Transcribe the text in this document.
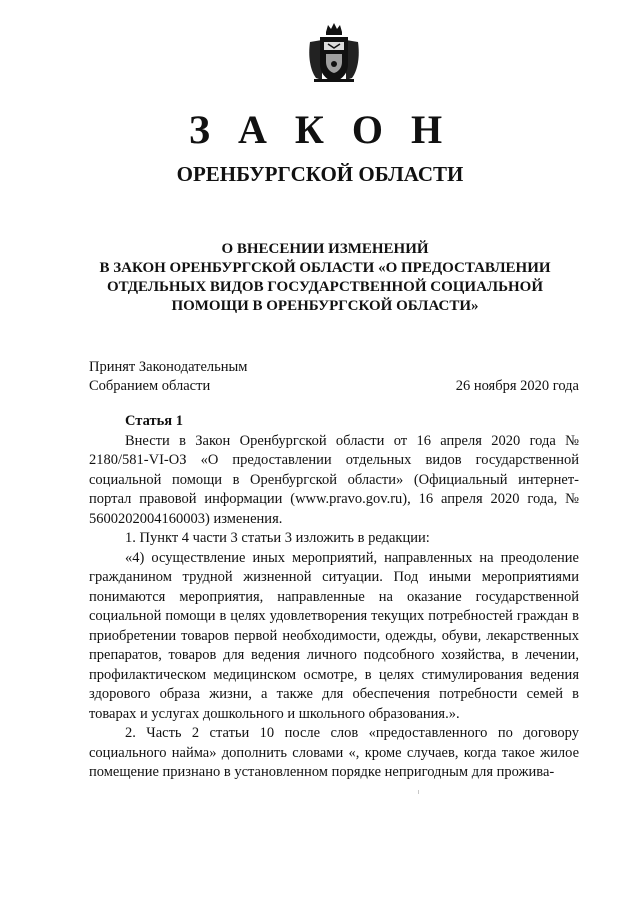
З А К О Н
ОРЕНБУРГСКОЙ ОБЛАСТИ
О ВНЕСЕНИИ ИЗМЕНЕНИЙ
В ЗАКОН ОРЕНБУРГСКОЙ ОБЛАСТИ «О ПРЕДОСТАВЛЕНИИ
ОТДЕЛЬНЫХ ВИДОВ ГОСУДАРСТВЕННОЙ СОЦИАЛЬНОЙ
ПОМОЩИ В ОРЕНБУРГСКОЙ ОБЛАСТИ»
Принят Законодательным
Собранием области	26 ноября 2020 года

Статья 1

Внести в Закон Оренбургской области от 16 апреля 2020 года № 2180/581-VI-ОЗ «О предоставлении отдельных видов государственной социальной помощи в Оренбургской области» (Официальный интернет-портал правовой информации (www.pravo.gov.ru), 16 апреля 2020 года, № 5600202004160003) изменения.

1. Пункт 4 части 3 статьи 3 изложить в редакции:

«4) осуществление иных мероприятий, направленных на преодоление гражданином трудной жизненной ситуации. Под иными мероприятиями понимаются мероприятия, направленные на оказание государственной социальной помощи в целях удовлетворения текущих потребностей граждан в приобретении товаров первой необходимости, одежды, обуви, лекарственных препаратов, товаров для ведения личного подсобного хозяйства, в лечении, профилактическом медицинском осмотре, в целях стимулирования ведения здорового образа жизни, а также для обеспечения потребности семей в товарах и услугах дошкольного и школьного образования.».

2. Часть 2 статьи 10 после слов «предоставленного по договору социального найма» дополнить словами «, кроме случаев, когда такое жилое помещение признано в установленном порядке непригодным для прожива-
